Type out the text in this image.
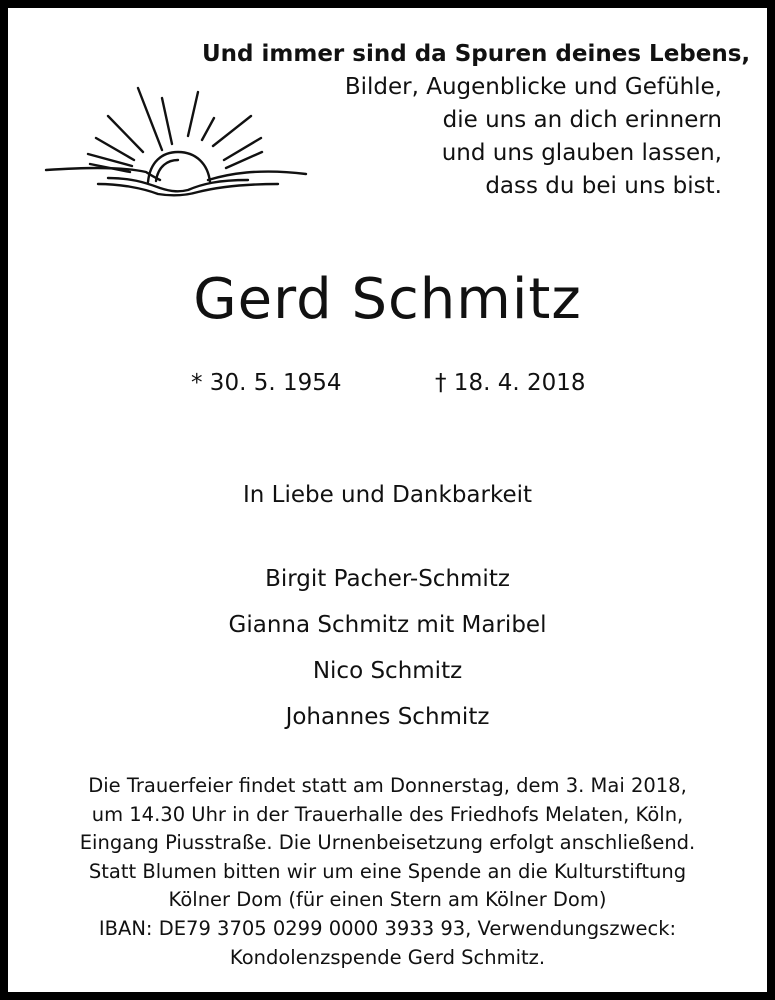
Und immer sind da Spuren deines Lebens,
Bilder, Augenblicke und Gefühle,
die uns an dich erinnern
und uns glauben lassen,
dass du bei uns bist.
Gerd Schmitz
* 30. 5. 1954	† 18. 4. 2018
In Liebe und Dankbarkeit
Birgit Pacher-Schmitz
Gianna Schmitz mit Maribel
Nico Schmitz
Johannes Schmitz
Die Trauerfeier findet statt am Donnerstag, dem 3. Mai 2018,
um 14.30 Uhr in der Trauerhalle des Friedhofs Melaten, Köln,
Eingang Piusstraße. Die Urnenbeisetzung erfolgt anschließend.
Statt Blumen bitten wir um eine Spende an die Kulturstiftung
Kölner Dom (für einen Stern am Kölner Dom)
IBAN: DE79 3705 0299 0000 3933 93, Verwendungszweck:
Kondolenzspende Gerd Schmitz.
